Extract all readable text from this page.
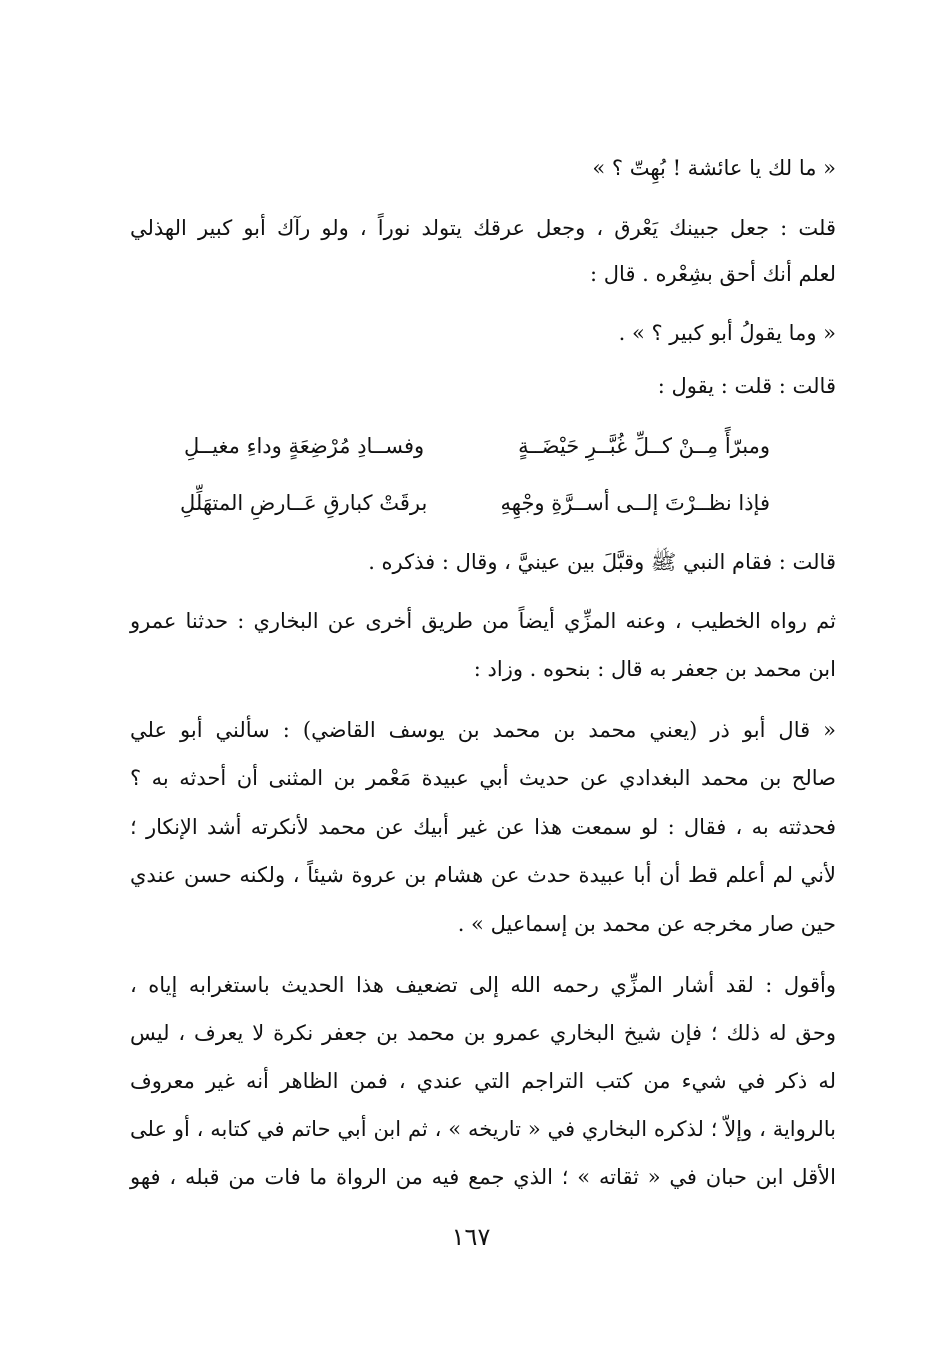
« ما لك يا عائشة ! بُهِتّ ؟ »
قلت : جعل جبينك يَعْرق ، وجعل عرقك يتولد نوراً ، ولو رآك أبو كبير الهذلي
لعلم أنك أحق بشِعْره . قال :
« وما يقولُ أبو كبير ؟ » .
قالت : قلت : يقول :
ومبرّأً مِــنْ كــلِّ غُبَّــرِ حَيْضَــةٍ
وفســادِ مُرْضِعَةٍ وداءِ مغيــلِ
فإذا نظــرْتَ إلــى أســرَّةِ وجْهِهِ
برقَتْ كبارقِ عَــارضِ المتهَلِّلِ
قالت : فقام النبي ﷺ وقبَّلَ بين عينيَّ ، وقال : فذكره .
ثم رواه الخطيب ، وعنه المزِّي أيضاً من طريق أخرى عن البخاري : حدثنا عمرو
ابن محمد بن جعفر به قال : بنحوه . وزاد :
« قال أبو ذر (يعني محمد بن محمد بن يوسف القاضي) : سألني أبو علي
صالح بن محمد البغدادي عن حديث أبي عبيدة مَعْمر بن المثنى أن أحدثه به ؟
فحدثته به ، فقال : لو سمعت هذا عن غير أبيك عن محمد لأنكرته أشد الإنكار ؛
لأني لم أعلم قط أن أبا عبيدة حدث عن هشام بن عروة شيئاً ، ولكنه حسن عندي
حين صار مخرجه عن محمد بن إسماعيل » .
وأقول : لقد أشار المزِّي رحمه الله إلى تضعيف هذا الحديث باستغرابه إياه ،
وحق له ذلك ؛ فإن شيخ البخاري عمرو بن محمد بن جعفر نكرة لا يعرف ، ليس
له ذكر في شيء من كتب التراجم التي عندي ، فمن الظاهر أنه غير معروف
بالرواية ، وإلاّ ؛ لذكره البخاري في « تاريخه » ، ثم ابن أبي حاتم في كتابه ، أو على
الأقل ابن حبان في « ثقاته » ؛ الذي جمع فيه من الرواة ما فات من قبله ، فهو
١٦٧
